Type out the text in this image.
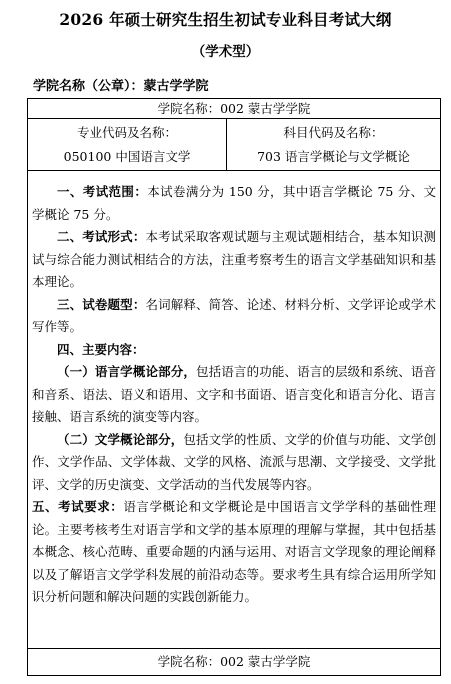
2026 年硕士研究生招生初试专业科目考试大纲
（学术型）
学院名称（公章）：蒙古学学院
学院名称：002 蒙古学学院
专业代码及名称：
050100 中国语言文学
科目代码及名称：
703 语言学概论与文学概论

一、考试范围：本试卷满分为 150 分，其中语言学概论 75 分、文学概论 75 分。

二、考试形式：本考试采取客观试题与主观试题相结合，基本知识测试与综合能力测试相结合的方法，注重考察考生的语言文学基础知识和基本理论。

三、试卷题型：名词解释、简答、论述、材料分析、文学评论或学术写作等。

四、主要内容：

（一）语言学概论部分，包括语言的功能、语言的层级和系统、语音和音系、语法、语义和语用、文字和书面语、语言变化和语言分化、语言接触、语言系统的演变等内容。

（二）文学概论部分，包括文学的性质、文学的价值与功能、文学创作、文学作品、文学体裁、文学的风格、流派与思潮、文学接受、文学批评、文学的历史演变、文学活动的当代发展等内容。

五、考试要求：语言学概论和文学概论是中国语言文学学科的基础性理论。主要考核考生对语言学和文学的基本原理的理解与掌握，其中包括基本概念、核心范畴、重要命题的内涵与运用、对语言文学现象的理论阐释以及了解语言文学学科发展的前沿动态等。要求考生具有综合运用所学知识分析问题和解决问题的实践创新能力。

学院名称：002 蒙古学学院
